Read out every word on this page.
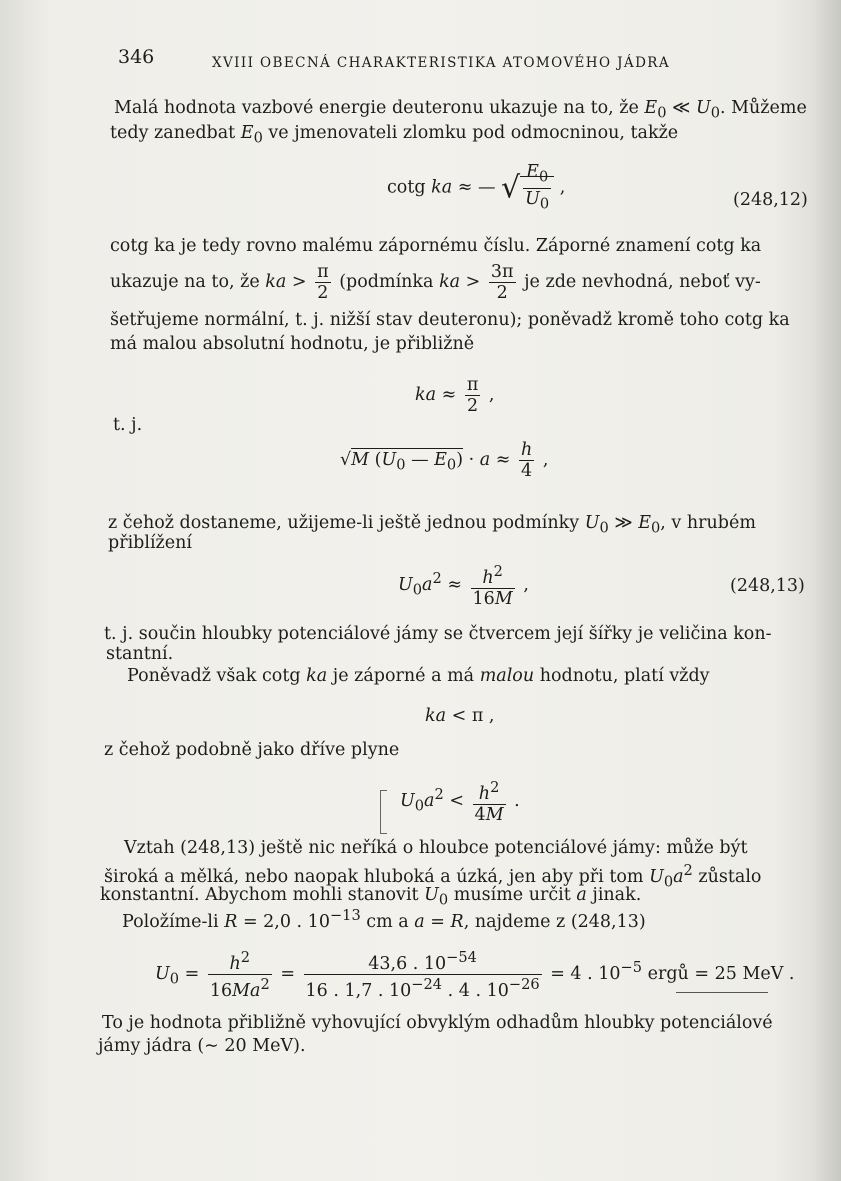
346	XVIII OBECNÁ CHARAKTERISTIKA ATOMOVÉHO JÁDRA
Malá hodnota vazbové energie deuteronu ukazuje na to, že $E_0$ ≪ $U_0$. Můžeme
tedy zanedbat $E_0$ ve jmenovateli zlomku pod odmocninou, takže
cotg ka ≈ — √ $\frac{E_0}{U_0}$ ,
(248,12)
cotg ka je tedy rovno malému zápornému číslu. Záporné znamení cotg ka
ukazuje na to, že ka > $\frac{\pi}{2}$ (podmínka ka > $\frac{3\pi}{2}$ je zde nevhodná, neboť vy-
šetřujeme normální, t. j. nižší stav deuteronu); poněvadž kromě toho cotg ka
má malou absolutní hodnotu, je přibližně
ka ≈ $\frac{\pi}{2}$ ,
t. j.
√M ($U_0$ — $E_0) \cdot a \approx \frac{h}{4}$ ,
z čehož dostaneme, užijeme-li ještě jednou podmínky $U_0$ ≫ $E_0$, v hrubém
přiblížení
$U_0a^2 \approx \frac{h^2}{16M}$ ,	(248,13)
t. j. součin hloubky potenciálové jámy se čtvercem její šířky je veličina kon-
stantní.
Poněvadž však cotg ka je záporné a má malou hodnotu, platí vždy
ka < π ,
z čehož podobně jako dříve plyne
$U_0a^2 < \frac{h^2}{4M}$ .
Vztah (248,13) ještě nic neříká o hloubce potenciálové jámy: může být
široká a mělká, nebo naopak hluboká a úzká, jen aby při tom $U_0a^2$ zůstalo
konstantní. Abychom mohli stanovit $U_0$ musíme určit a jinak.
Položíme-li R = 2,0 . $10^{-13}$ cm a a = R, najdeme z (248,13)
$U_0 = \frac{h^2}{16Ma^2} = \frac{43,6 . 10^{-54}}{16 . 1,7 . 10^{-24} . 4 . 10^{-26}} = 4$ . $10^{-5}$ ergů = 25 MeV .
To je hodnota přibližně vyhovující obvyklým odhadům hloubky potenciálové
jámy jádra (∼ 20 MeV).
